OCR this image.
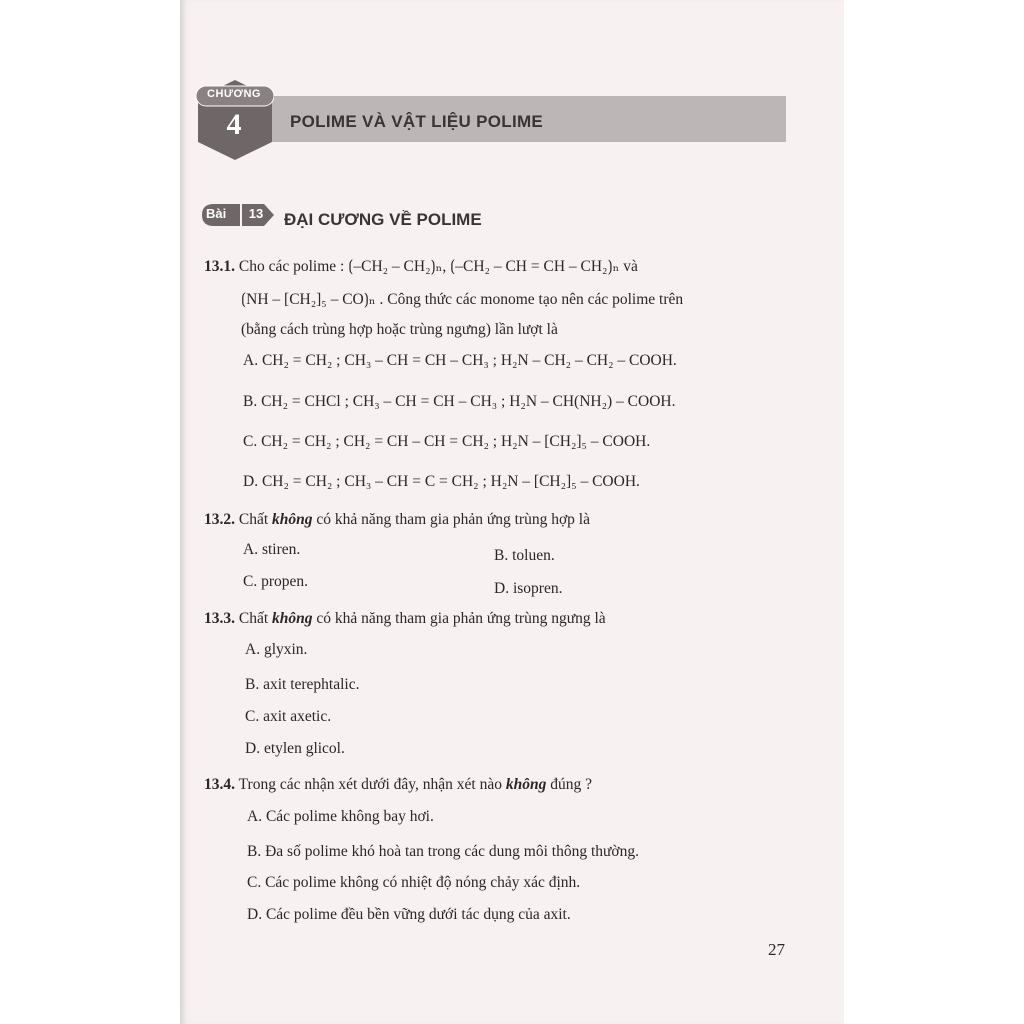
CHƯƠNG
4	POLIME VÀ VẬT LIỆU POLIME
Bài	13	ĐẠI CƯƠNG VỀ POLIME
13.1. Cho các polime : ⟮–CH₂ – CH₂⟯ₙ, ⟮–CH₂ – CH = CH – CH₂⟯ₙ và
⟮NH – [CH₂]₅ – CO⟯ₙ . Công thức các monome tạo nên các polime trên
(bằng cách trùng hợp hoặc trùng ngưng) lần lượt là
A. CH₂ = CH₂ ; CH₃ – CH = CH – CH₃ ; H₂N – CH₂ – CH₂ – COOH.
B. CH₂ = CHCl ; CH₃ – CH = CH – CH₃ ; H₂N – CH(NH₂) – COOH.
C. CH₂ = CH₂ ; CH₂ = CH – CH = CH₂ ; H₂N – [CH₂]₅ – COOH.
D. CH₂ = CH₂ ; CH₃ – CH = C = CH₂ ; H₂N – [CH₂]₅ – COOH.
13.2. Chất không có khả năng tham gia phản ứng trùng hợp là
A. stiren.	B. toluen.
C. propen.	D. isopren.
13.3. Chất không có khả năng tham gia phản ứng trùng ngưng là
A. glyxin.
B. axit terephtalic.
C. axit axetic.
D. etylen glicol.
13.4. Trong các nhận xét dưới đây, nhận xét nào không đúng ?
A. Các polime không bay hơi.
B. Đa số polime khó hoà tan trong các dung môi thông thường.
C. Các polime không có nhiệt độ nóng chảy xác định.
D. Các polime đều bền vững dưới tác dụng của axit.
27
